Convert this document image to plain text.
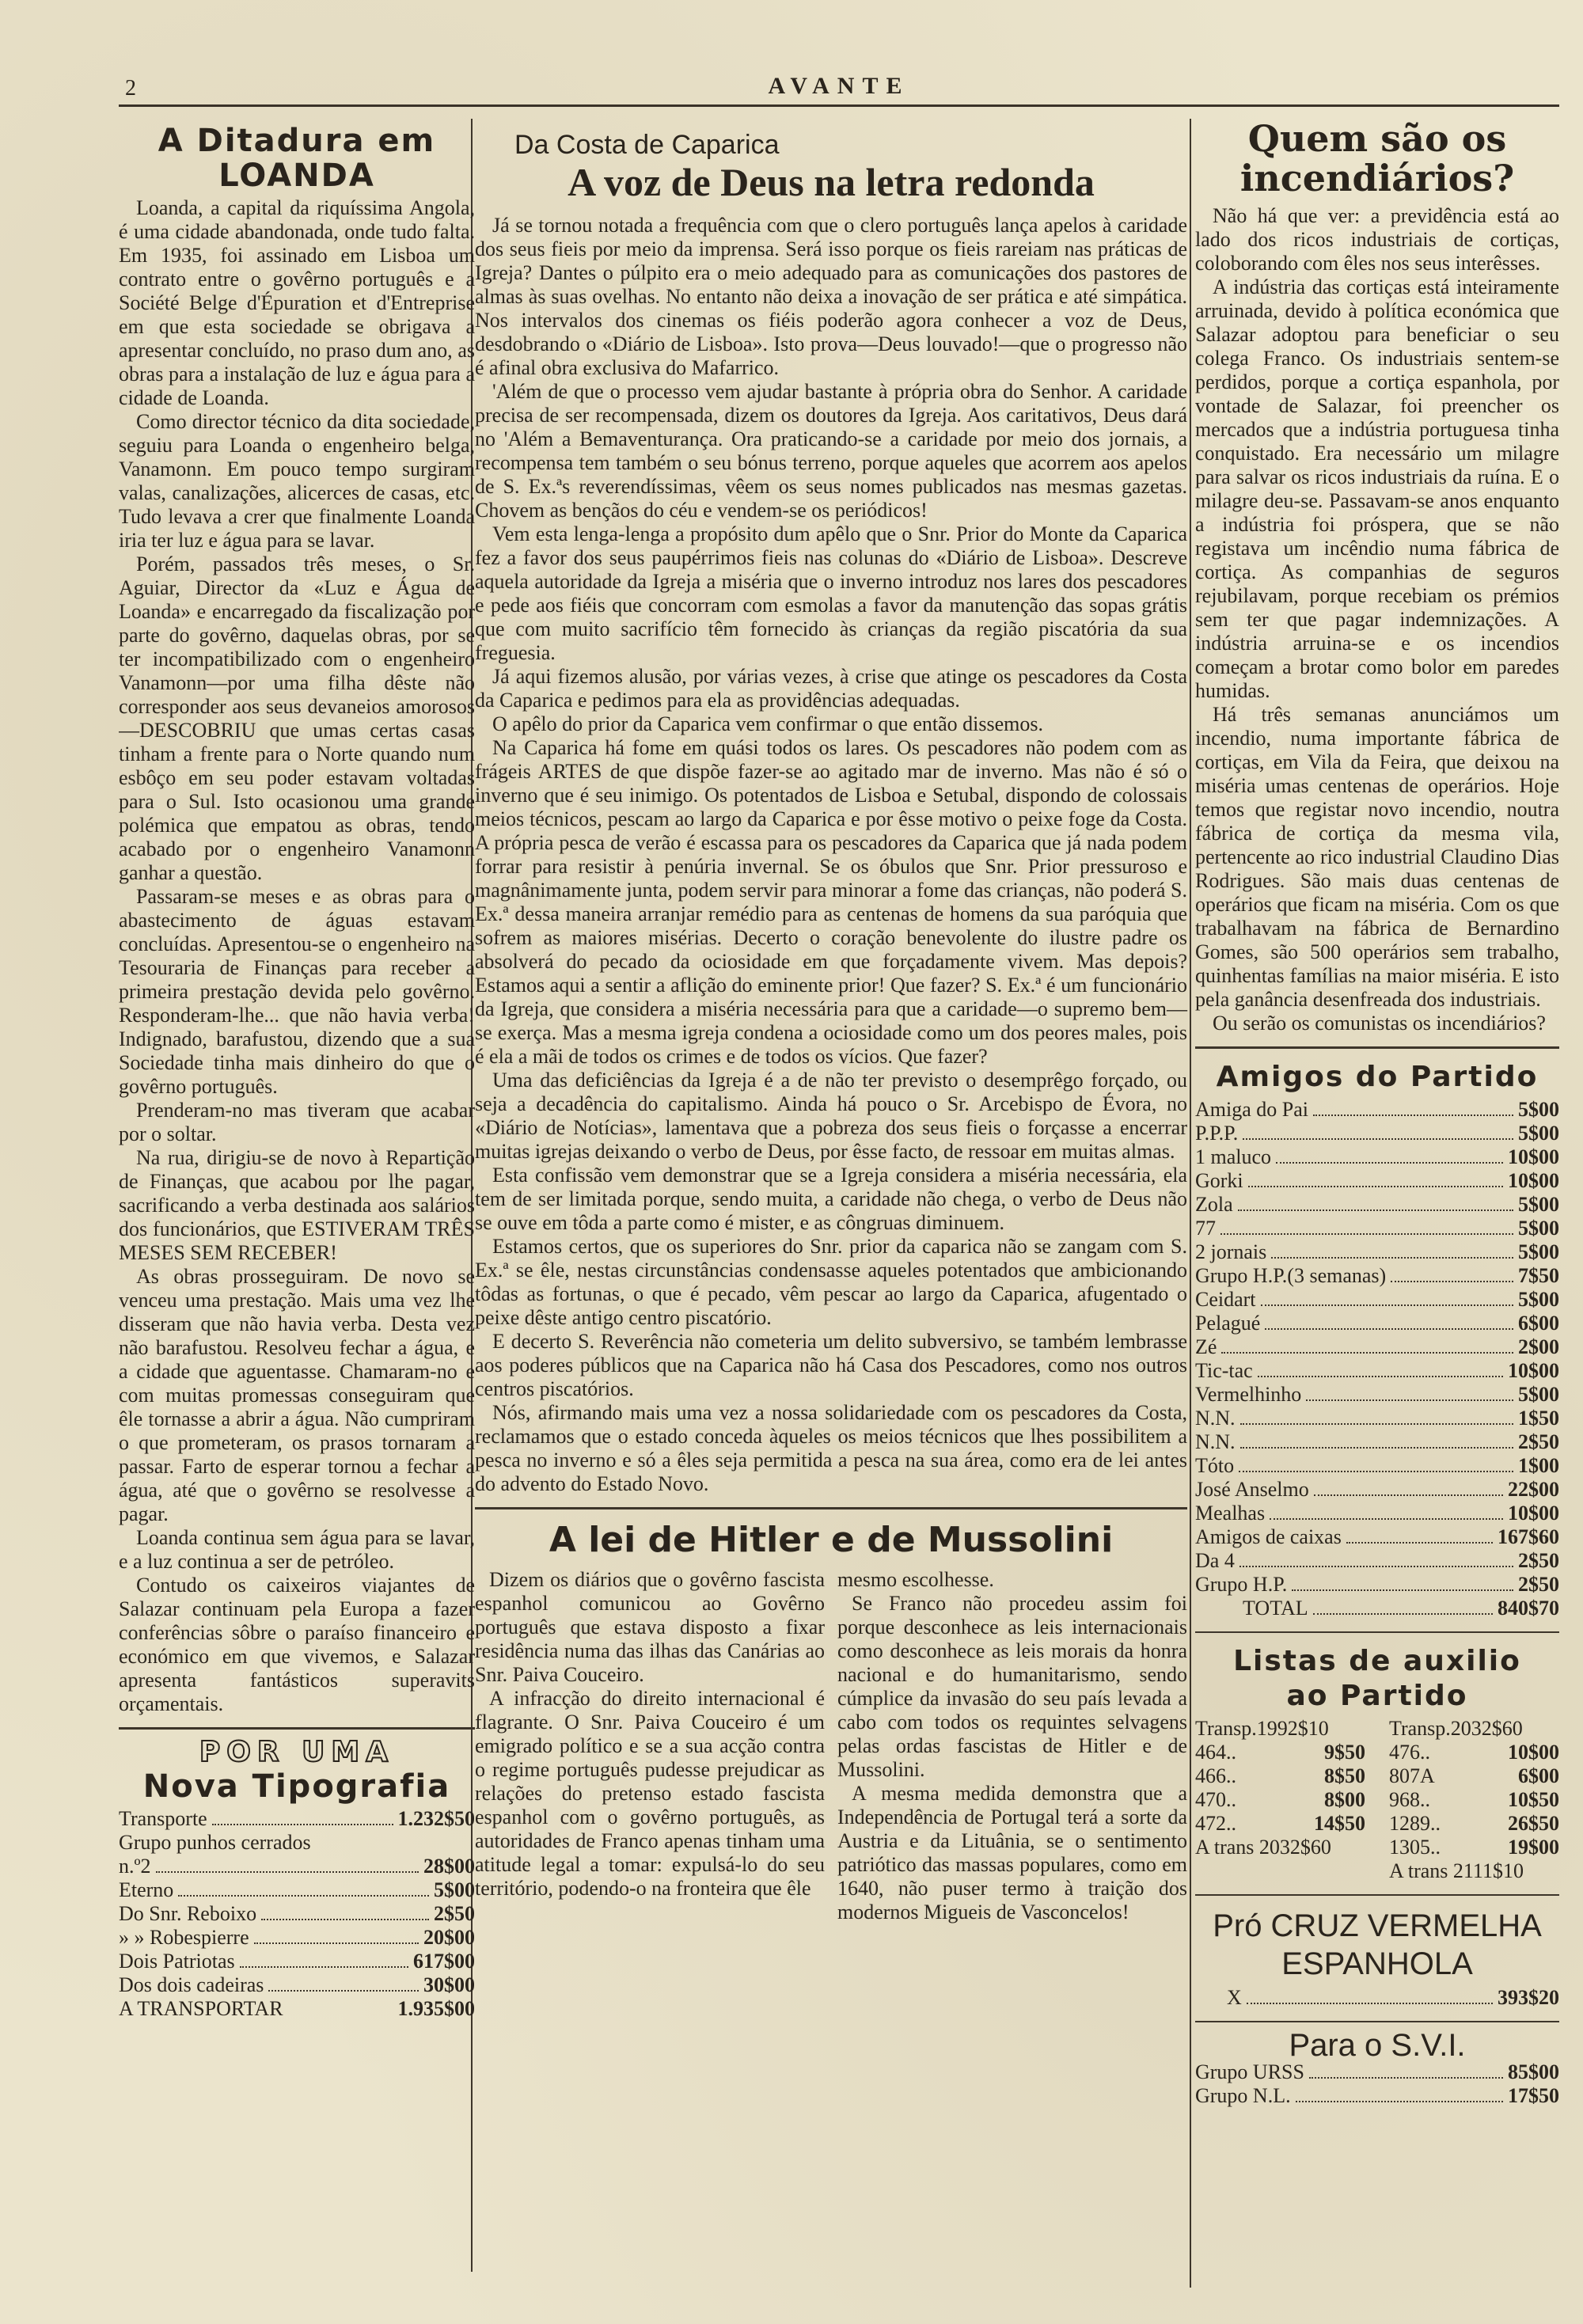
2	AVANTE
A Ditadura em
LOANDA

Loanda, a capital da riquíssima Angola, é uma cidade abandonada, onde tudo falta. Em 1935, foi assinado em Lisboa um contrato entre o govêrno português e a Société Belge d'Épuration et d'Entreprise em que esta sociedade se obrigava a apresentar concluído, no praso dum ano, as obras para a instalação de luz e água para a cidade de Loanda.

Como director técnico da dita sociedade, seguiu para Loanda o engenheiro belga, Vanamonn. Em pouco tempo surgiram valas, canalizações, alicerces de casas, etc. Tudo levava a crer que finalmente Loanda iria ter luz e água para se lavar.

Porém, passados três meses, o Sr. Aguiar, Director da «Luz e Água de Loanda» e encarregado da fiscalização por parte do govêrno, daquelas obras, por se ter incompatibilizado com o engenheiro Vanamonn—por uma filha dêste não corresponder aos seus devaneios amorosos—DESCOBRIU que umas certas casas tinham a frente para o Norte quando num esbôço em seu poder estavam voltadas para o Sul. Isto ocasionou uma grande polémica que empatou as obras, tendo acabado por o engenheiro Vanamonn ganhar a questão.

Passaram-se meses e as obras para o abastecimento de águas estavam concluídas. Apresentou-se o engenheiro na Tesouraria de Finanças para receber a primeira prestação devida pelo govêrno. Responderam-lhe... que não havia verba! Indignado, barafustou, dizendo que a sua Sociedade tinha mais dinheiro do que o govêrno português.

Prenderam-no mas tiveram que acabar por o soltar.

Na rua, dirigiu-se de novo à Repartição de Finanças, que acabou por lhe pagar, sacrificando a verba destinada aos salários dos funcionários, que ESTIVERAM TRÊS MESES SEM RECEBER!

As obras prosseguiram. De novo se venceu uma prestação. Mais uma vez lhe disseram que não havia verba. Desta vez não barafustou. Resolveu fechar a água, e a cidade que aguentasse. Chamaram-no e com muitas promessas conseguiram que êle tornasse a abrir a água. Não cumpriram o que prometeram, os prasos tornaram a passar. Farto de esperar tornou a fechar a água, até que o govêrno se resolvesse a pagar.

Loanda continua sem água para se lavar, e a luz continua a ser de petróleo.

Contudo os caixeiros viajantes de Salazar continuam pela Europa a fazer conferências sôbre o paraíso financeiro e económico em que vivemos, e Salazar apresenta fantásticos superavits orçamentais.

POR UMA
Nova Tipografia
Transporte	1.232$50
Grupo punhos cerrados
n.º2	28$00
Eterno	5$00
Do Snr. Reboixo	2$50
» » Robespierre	20$00
Dois Patriotas	617$00
Dos dois cadeiras	30$00
A TRANSPORTAR	1.935$00
Da Costa de Caparica
A voz de Deus na letra redonda

Já se tornou notada a frequência com que o clero português lança apelos à caridade dos seus fieis por meio da imprensa. Será isso porque os fieis rareiam nas práticas de Igreja? Dantes o púlpito era o meio adequado para as comunicações dos pastores de almas às suas ovelhas. No entanto não deixa a inovação de ser prática e até simpática. Nos intervalos dos cinemas os fiéis poderão agora conhecer a voz de Deus, desdobrando o «Diário de Lisboa». Isto prova—Deus louvado!—que o progresso não é afinal obra exclusiva do Mafarrico.

'Além de que o processo vem ajudar bastante à própria obra do Senhor. A caridade precisa de ser recompensada, dizem os doutores da Igreja. Aos caritativos, Deus dará no 'Além a Bemaventurança. Ora praticando-se a caridade por meio dos jornais, a recompensa tem também o seu bónus terreno, porque aqueles que acorrem aos apelos de S. Ex.ªs reverendíssimas, vêem os seus nomes publicados nas mesmas gazetas. Chovem as bençãos do céu e vendem-se os periódicos!

Vem esta lenga-lenga a propósito dum apêlo que o Snr. Prior do Monte da Caparica fez a favor dos seus paupérrimos fieis nas colunas do «Diário de Lisboa». Descreve aquela autoridade da Igreja a miséria que o inverno introduz nos lares dos pescadores e pede aos fiéis que concorram com esmolas a favor da manutenção das sopas grátis que com muito sacrifício têm fornecido às crianças da região piscatória da sua freguesia.

Já aqui fizemos alusão, por várias vezes, à crise que atinge os pescadores da Costa da Caparica e pedimos para ela as providências adequadas.

O apêlo do prior da Caparica vem confirmar o que então dissemos.

Na Caparica há fome em quási todos os lares. Os pescadores não podem com as frágeis ARTES de que dispõe fazer-se ao agitado mar de inverno. Mas não é só o inverno que é seu inimigo. Os potentados de Lisboa e Setubal, dispondo de colossais meios técnicos, pescam ao largo da Caparica e por êsse motivo o peixe foge da Costa. A própria pesca de verão é escassa para os pescadores da Caparica que já nada podem forrar para resistir à penúria invernal. Se os óbulos que Snr. Prior pressuroso e magnânimamente junta, podem servir para minorar a fome das crianças, não poderá S. Ex.ª dessa maneira arranjar remédio para as centenas de homens da sua paróquia que sofrem as maiores misérias. Decerto o coração benevolente do ilustre padre os absolverá do pecado da ociosidade em que forçadamente vivem. Mas depois? Estamos aqui a sentir a aflição do eminente prior! Que fazer? S. Ex.ª é um funcionário da Igreja, que considera a miséria necessária para que a caridade—o supremo bem—se exerça. Mas a mesma igreja condena a ociosidade como um dos peores males, pois é ela a mãi de todos os crimes e de todos os vícios. Que fazer?

Uma das deficiências da Igreja é a de não ter previsto o desemprêgo forçado, ou seja a decadência do capitalismo. Ainda há pouco o Sr. Arcebispo de Évora, no «Diário de Notícias», lamentava que a pobreza dos seus fieis o forçasse a encerrar muitas igrejas deixando o verbo de Deus, por êsse facto, de ressoar em muitas almas.

Esta confissão vem demonstrar que se a Igreja considera a miséria necessária, ela tem de ser limitada porque, sendo muita, a caridade não chega, o verbo de Deus não se ouve em tôda a parte como é mister, e as côngruas diminuem.

Estamos certos, que os superiores do Snr. prior da caparica não se zangam com S. Ex.ª se êle, nestas circunstâncias condensasse aqueles potentados que ambicionando tôdas as fortunas, o que é pecado, vêm pescar ao largo da Caparica, afugentado o peixe dêste antigo centro piscatório.

E decerto S. Reverência não cometeria um delito subversivo, se também lembrasse aos poderes públicos que na Caparica não há Casa dos Pescadores, como nos outros centros piscatórios.

Nós, afirmando mais uma vez a nossa solidariedade com os pescadores da Costa, reclamamos que o estado conceda àqueles os meios técnicos que lhes possibilitem a pesca no inverno e só a êles seja permitida a pesca na sua área, como era de lei antes do advento do Estado Novo.

A lei de Hitler e de Mussolini

Dizem os diários que o govêrno fascista espanhol comunicou ao Govêrno português que estava disposto a fixar residência numa das ilhas das Canárias ao Snr. Paiva Couceiro.

A infracção do direito internacional é flagrante. O Snr. Paiva Couceiro é um emigrado político e se a sua acção contra o regime português pudesse prejudicar as relações do pretenso estado fascista espanhol com o govêrno português, as autoridades de Franco apenas tinham uma atitude legal a tomar: expulsá-lo do seu território, podendo-o na fronteira que êle

mesmo escolhesse.

Se Franco não procedeu assim foi porque desconhece as leis internacionais como desconhece as leis morais da honra nacional e do humanitarismo, sendo cúmplice da invasão do seu país levada a cabo com todos os requintes selvagens pelas ordas fascistas de Hitler e de Mussolini.

A mesma medida demonstra que a Independência de Portugal terá a sorte da Austria e da Lituânia, se o sentimento patriótico das massas populares, como em 1640, não puser termo à traição dos modernos Migueis de Vasconcelos!

Quem são os
incendiários?

Não há que ver: a previdência está ao lado dos ricos industriais de cortiças, coloborando com êles nos seus interêsses.

A indústria das cortiças está inteiramente arruinada, devido à política económica que Salazar adoptou para beneficiar o seu colega Franco. Os industriais sentem-se perdidos, porque a cortiça espanhola, por vontade de Salazar, foi preencher os mercados que a indústria portuguesa tinha conquistado. Era necessário um milagre para salvar os ricos industriais da ruína. E o milagre deu-se. Passavam-se anos enquanto a indústria foi próspera, que se não registava um incêndio numa fábrica de cortiça. As companhias de seguros rejubilavam, porque recebiam os prémios sem ter que pagar indemnizações. A indústria arruina-se e os incendios começam a brotar como bolor em paredes humidas.

Há três semanas anunciámos um incendio, numa importante fábrica de cortiças, em Vila da Feira, que deixou na miséria umas centenas de operários. Hoje temos que registar novo incendio, noutra fábrica de cortiça da mesma vila, pertencente ao rico industrial Claudino Dias Rodrigues. São mais duas centenas de operários que ficam na miséria. Com os que trabalhavam na fábrica de Bernardino Gomes, são 500 operários sem trabalho, quinhentas famílias na maior miséria. E isto pela ganância desenfreada dos industriais.

Ou serão os comunistas os incendiários?

Amigos do Partido
Amiga do Pai	5$00
P.P.P.	5$00
1 maluco	10$00
Gorki	10$00
Zola	5$00
77	5$00
2 jornais	5$00
Grupo H.P.(3 semanas)	7$50
Ceidart	5$00
Pelagué	6$00
Zé	2$00
Tic-tac	10$00
Vermelhinho	5$00
N.N.	1$50
N.N.	2$50
Tóto	1$00
José Anselmo	22$00
Mealhas	10$00
Amigos de caixas	167$60
Da 4	2$50
Grupo H.P.	2$50
TOTAL	840$70
Listas de auxilio
ao Partido
Transp.1992$10
464..	9$50
466..	8$50
470..	8$00
472..	14$50
A trans 2032$60
Transp.2032$60
476..	10$00
807A	6$00
968..	10$50
1289..	26$50
1305..	19$00
A trans 2111$10
Pró CRUZ VERMELHA
ESPANHOLA
X	393$20
Para o S.V.I.
Grupo URSS	85$00
Grupo N.L.	17$50
